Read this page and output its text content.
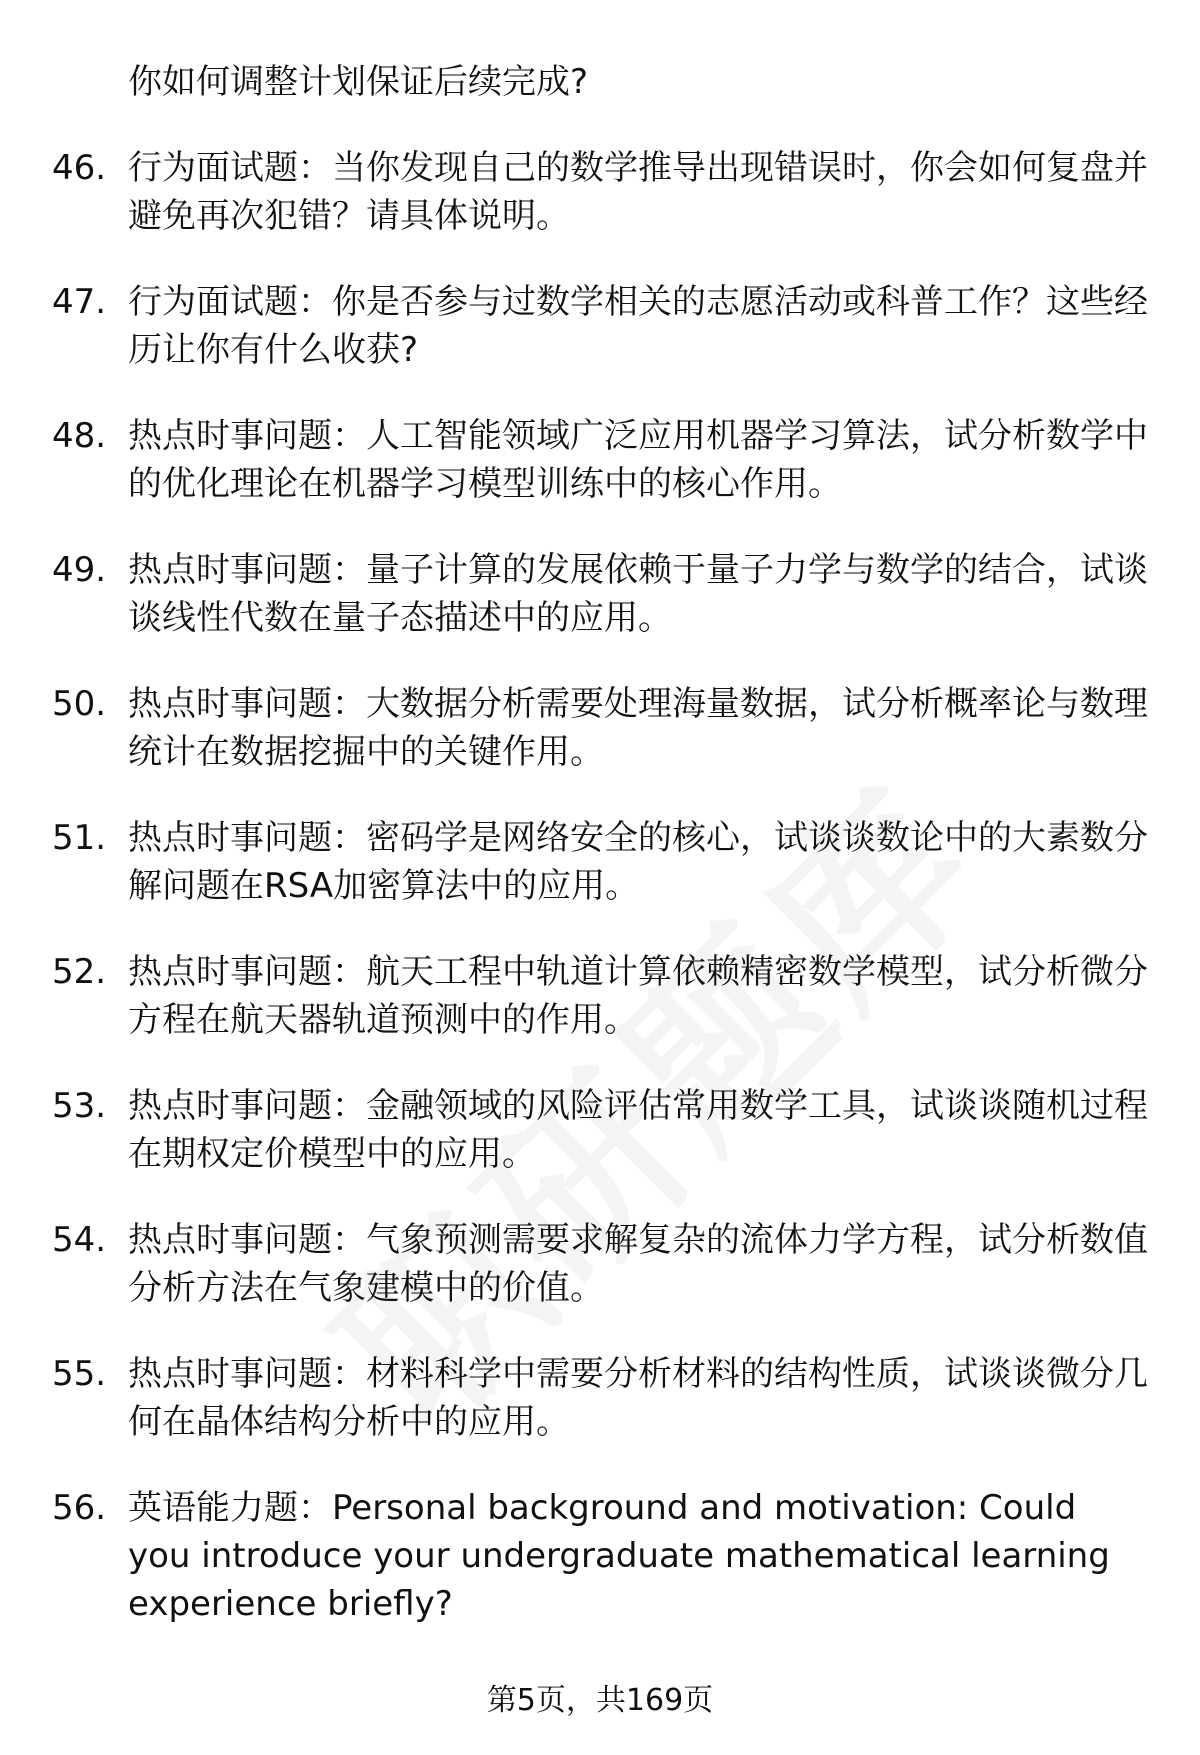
你如何调整计划保证后续完成?
46. 行为面试题：当你发现自己的数学推导出现错误时，你会如何复盘并避免再次犯错？请具体说明。
47. 行为面试题：你是否参与过数学相关的志愿活动或科普工作？这些经历让你有什么收获?
48. 热点时事问题：人工智能领域广泛应用机器学习算法，试分析数学中的优化理论在机器学习模型训练中的核心作用。
49. 热点时事问题：量子计算的发展依赖于量子力学与数学的结合，试谈谈线性代数在量子态描述中的应用。
50. 热点时事问题：大数据分析需要处理海量数据，试分析概率论与数理统计在数据挖掘中的关键作用。
51. 热点时事问题：密码学是网络安全的核心，试谈谈数论中的大素数分解问题在RSA加密算法中的应用。
52. 热点时事问题：航天工程中轨道计算依赖精密数学模型，试分析微分方程在航天器轨道预测中的作用。
53. 热点时事问题：金融领域的风险评估常用数学工具，试谈谈随机过程在期权定价模型中的应用。
54. 热点时事问题：气象预测需要求解复杂的流体力学方程，试分析数值分析方法在气象建模中的价值。
55. 热点时事问题：材料科学中需要分析材料的结构性质，试谈谈微分几何在晶体结构分析中的应用。
56. 英语能力题：Personal background and motivation: Could you introduce your undergraduate mathematical learning experience briefly?
第5页，共169页
